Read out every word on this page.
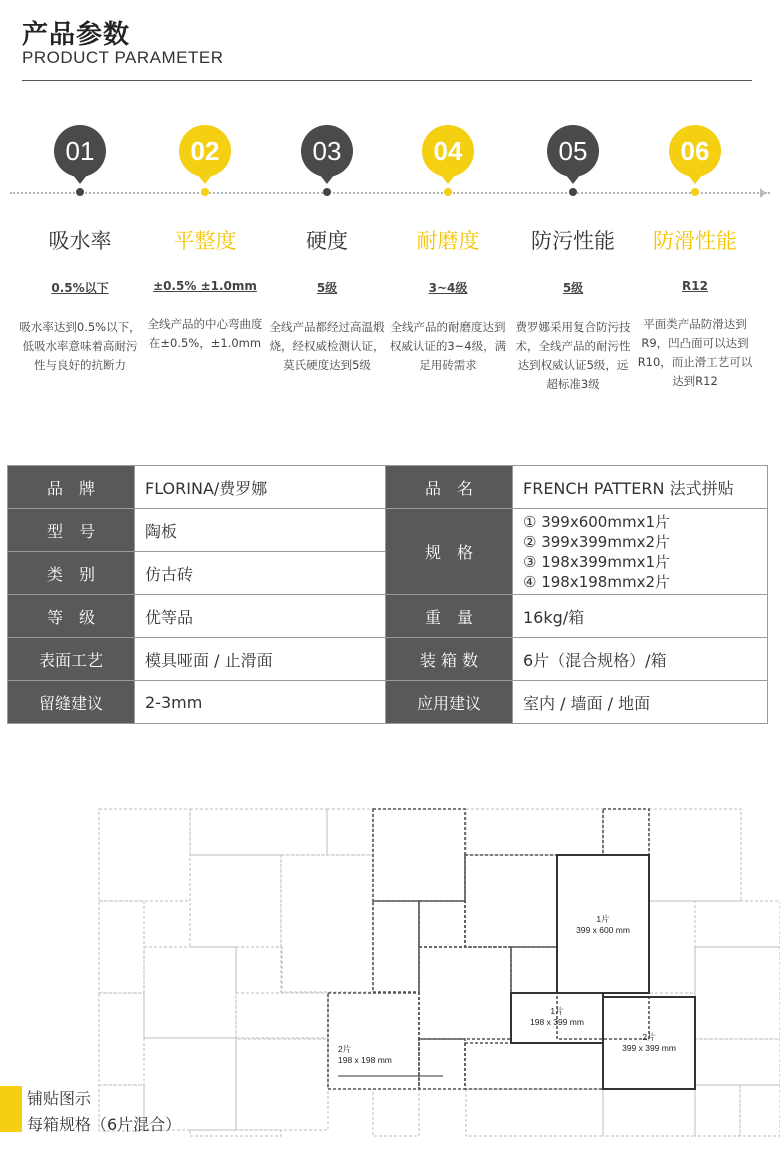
产品参数
PRODUCT PARAMETER
01
吸水率
0.5%以下
吸水率达到0.5%以下，低吸水率意味着高耐污性与良好的抗断力
02
平整度
±0.5% ±1.0mm
全线产品的中心弯曲度在±0.5%，±1.0mm
03
硬度
5级
全线产品都经过高温煅烧，经权威检测认证，莫氏硬度达到5级
04
耐磨度
3~4级
全线产品的耐磨度达到权威认证的3~4级，满足用砖需求
05
防污性能
5级
费罗娜采用复合防污技术，全线产品的耐污性达到权威认证5级，远超标准3级
06
防滑性能
R12
平面类产品防滑达到R9，凹凸面可以达到R10，而止滑工艺可以达到R12
品　牌	FLORINA/费罗娜	品　名	FRENCH PATTERN 法式拼贴
型　号	陶板	规　格	① 399x600mmx1片
② 399x399mmx2片
③ 198x399mmx1片
④ 198x198mmx2片

类　别	仿古砖		
等　级	优等品	重　量	16kg/箱
表面工艺	模具哑面 / 止滑面	装 箱 数	6片（混合规格）/箱
留缝建议	2-3mm	应用建议	室内 / 墙面 / 地面
1片
399 x 600 mm
1片
198 x 399 mm
2片
399 x 399 mm
2片
198 x 198 mm
铺贴图示
每箱规格（6片混合）
